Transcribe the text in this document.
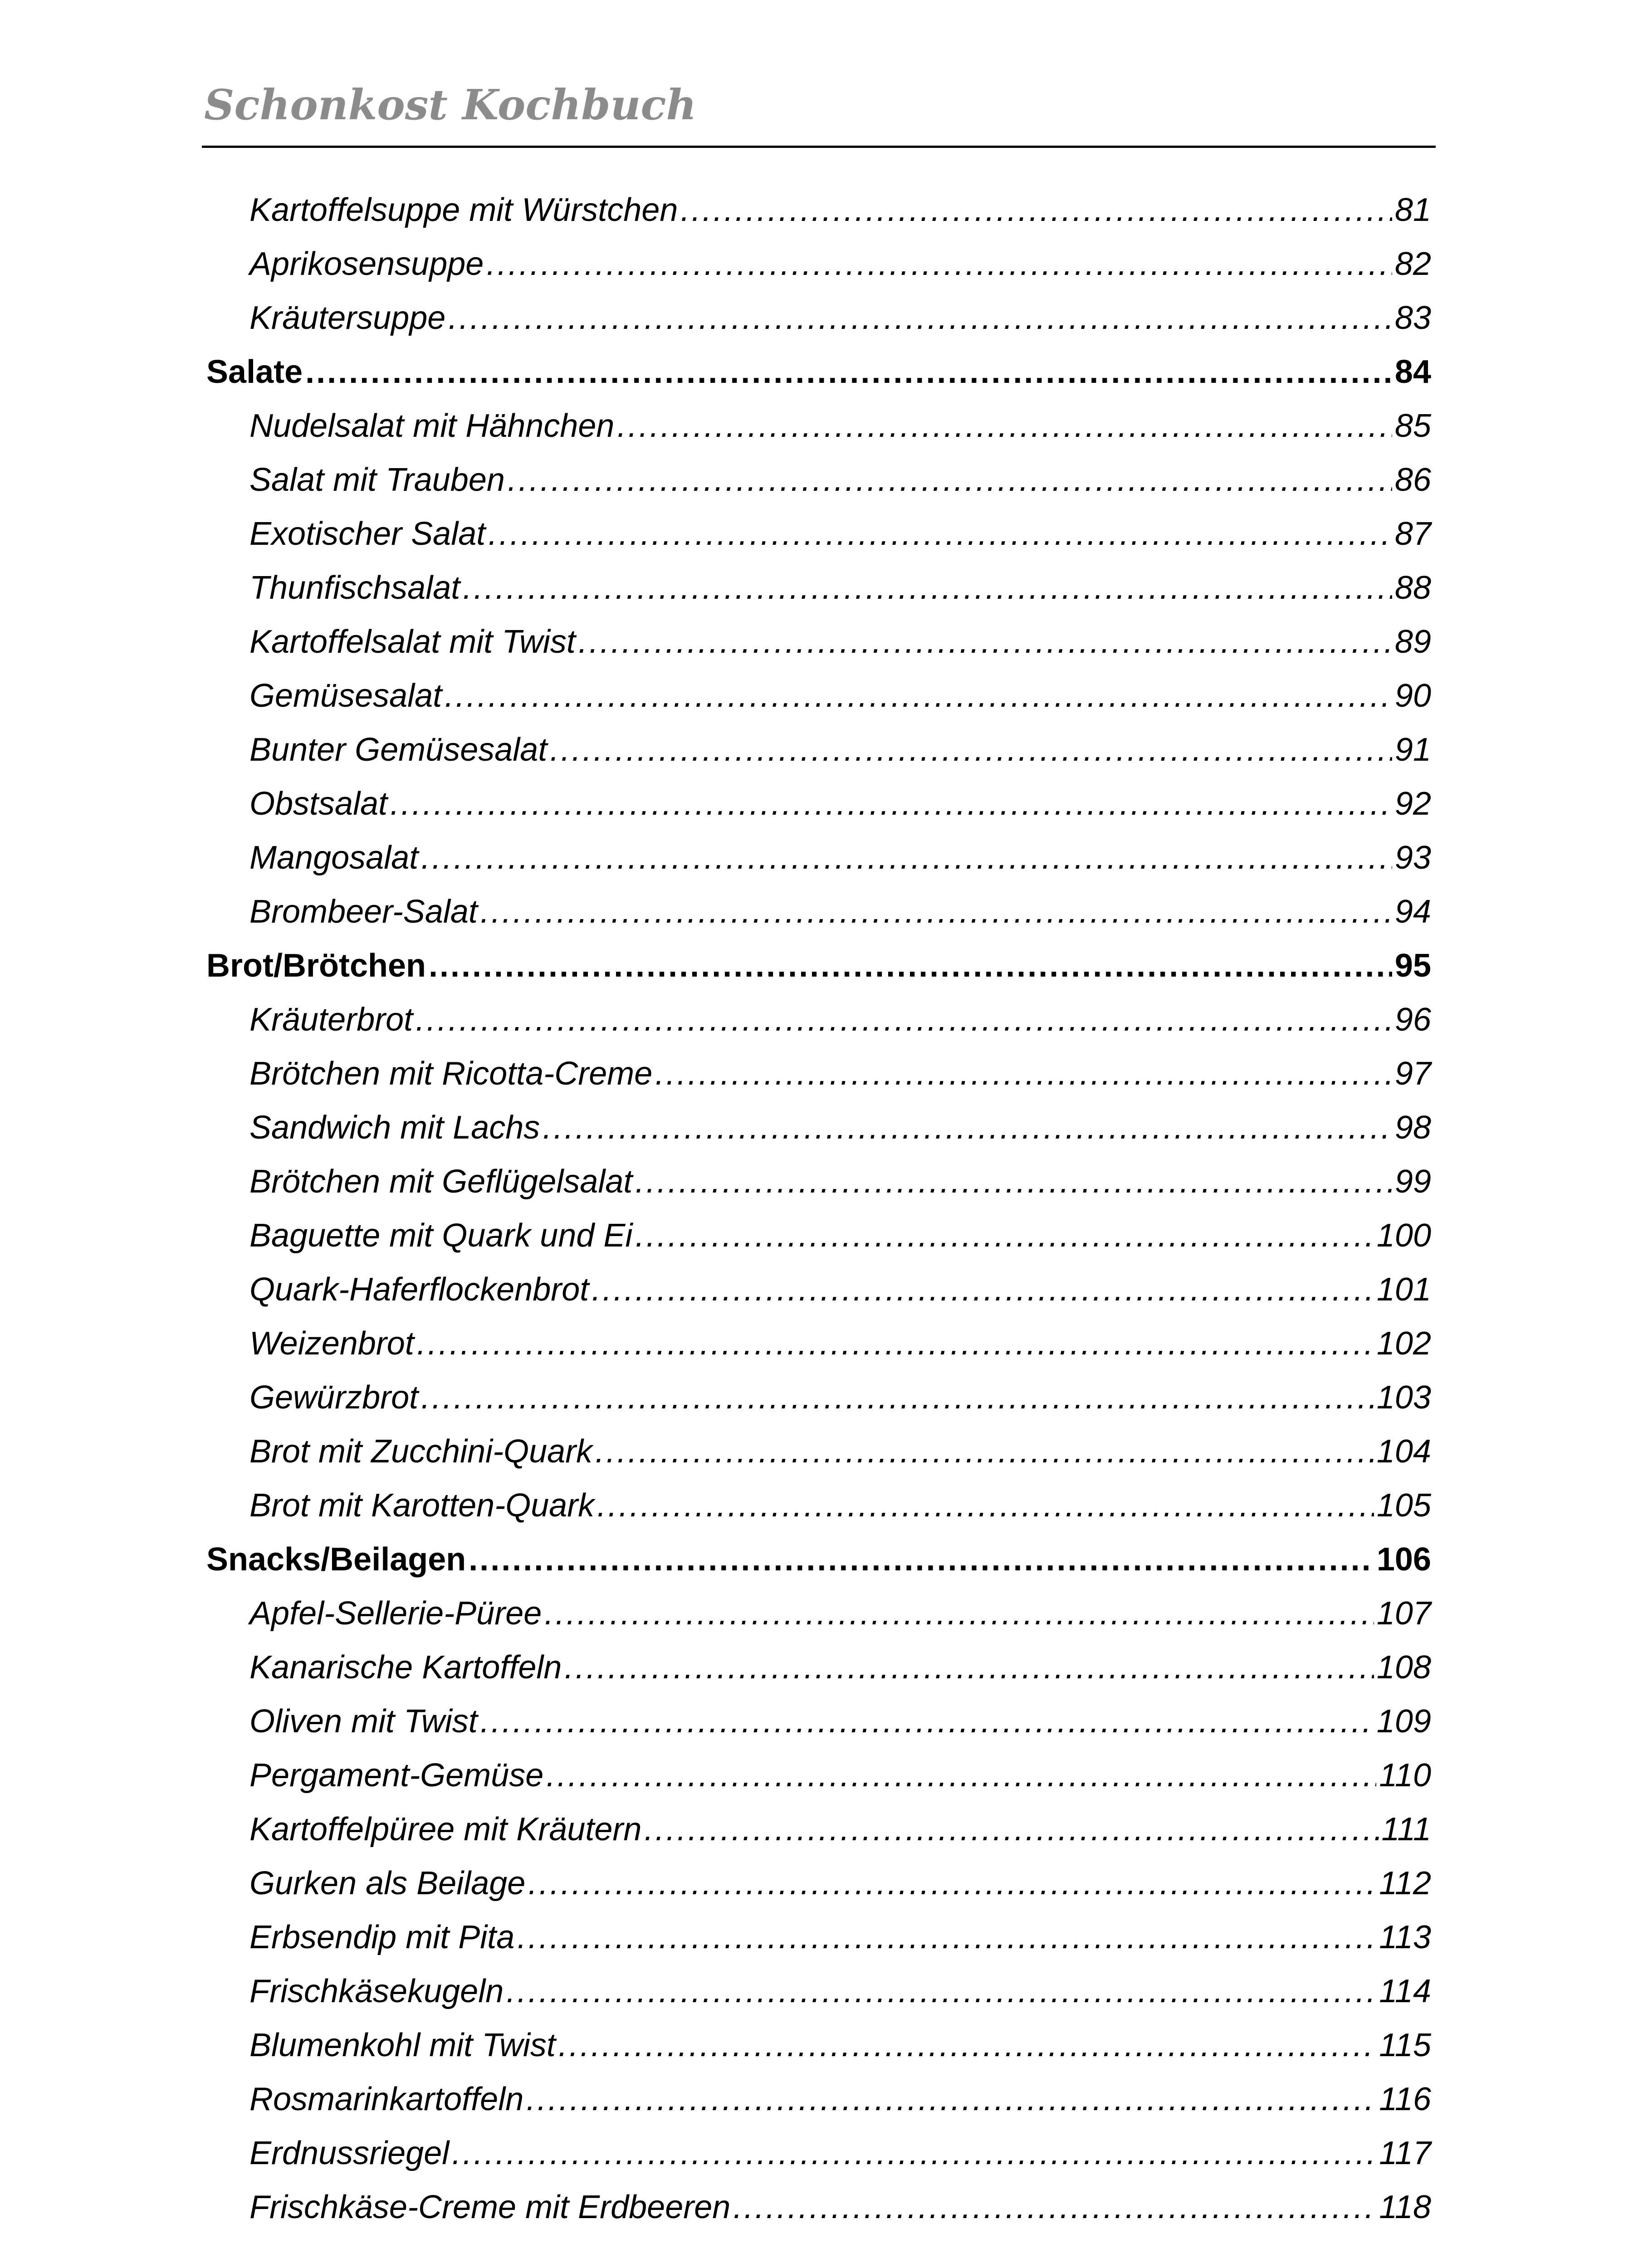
Schonkost Kochbuch
Kartoffelsuppe mit Würstchen .....	81
Aprikosensuppe .....	82
Kräutersuppe .....	83
Salate .....	84
Nudelsalat mit Hähnchen .....	85
Salat mit Trauben .....	86
Exotischer Salat .....	87
Thunfischsalat .....	88
Kartoffelsalat mit Twist .....	89
Gemüsesalat .....	90
Bunter Gemüsesalat .....	91
Obstsalat .....	92
Mangosalat .....	93
Brombeer-Salat .....	94
Brot/Brötchen .....	95
Kräuterbrot .....	96
Brötchen mit Ricotta-Creme .....	97
Sandwich mit Lachs .....	98
Brötchen mit Geflügelsalat .....	99
Baguette mit Quark und Ei .....	100
Quark-Haferflockenbrot .....	101
Weizenbrot .....	102
Gewürzbrot .....	103
Brot mit Zucchini-Quark .....	104
Brot mit Karotten-Quark .....	105
Snacks/Beilagen .....	106
Apfel-Sellerie-Püree .....	107
Kanarische Kartoffeln .....	108
Oliven mit Twist .....	109
Pergament-Gemüse .....	110
Kartoffelpüree mit Kräutern .....	111
Gurken als Beilage .....	112
Erbsendip mit Pita .....	113
Frischkäsekugeln .....	114
Blumenkohl mit Twist .....	115
Rosmarinkartoffeln .....	116
Erdnussriegel .....	117
Frischkäse-Creme mit Erdbeeren .....	118
